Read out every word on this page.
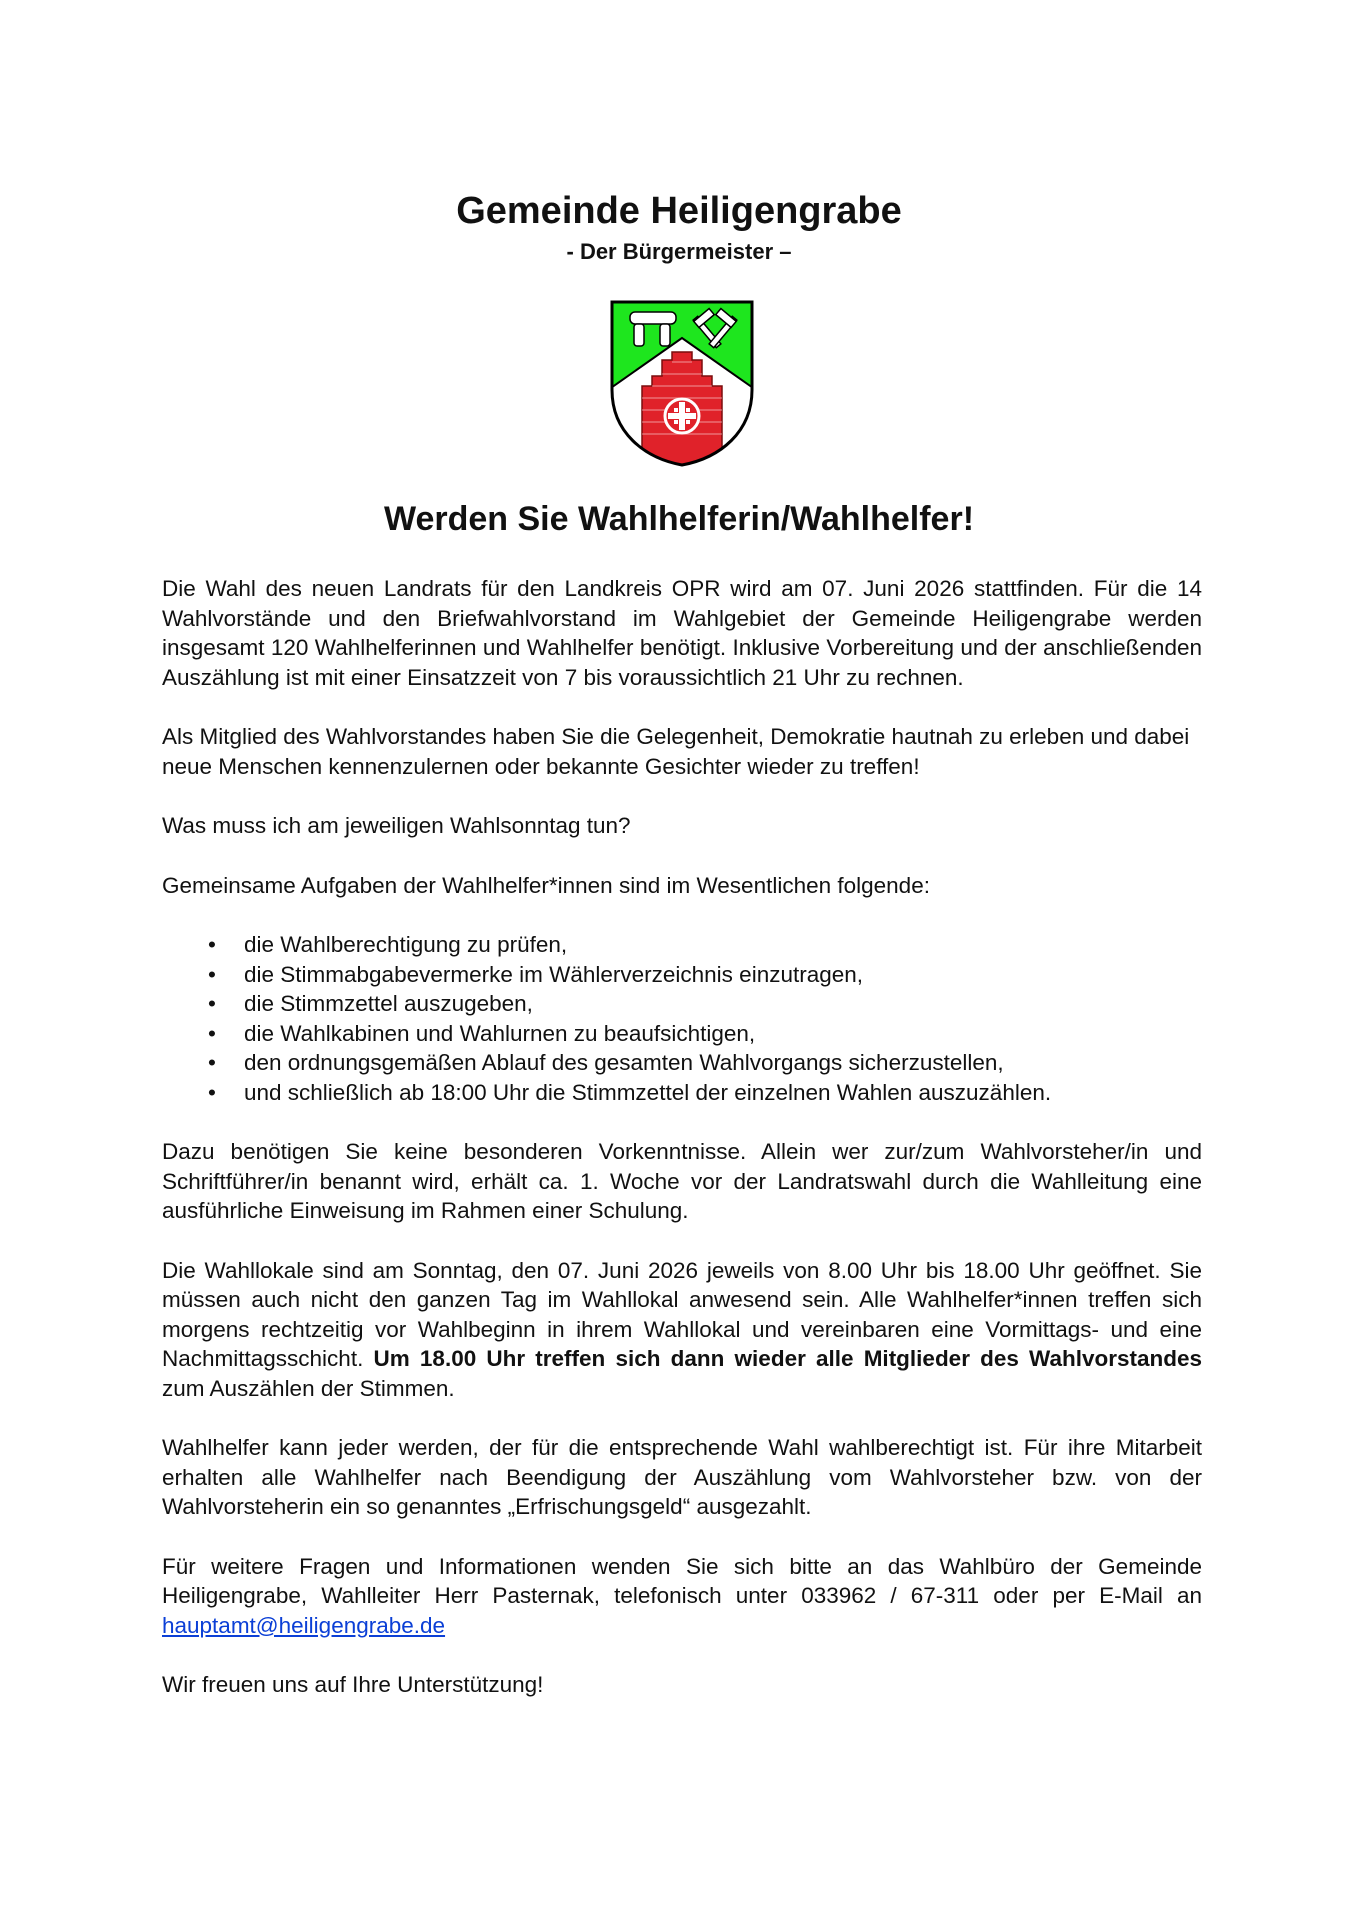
Gemeinde Heiligengrabe
- Der Bürgermeister –
Werden Sie Wahlhelferin/Wahlhelfer!

Die Wahl des neuen Landrats für den Landkreis OPR wird am 07. Juni 2026 stattfinden. Für die 14 Wahlvorstände und den Briefwahlvorstand im Wahlgebiet der Gemeinde Heiligengrabe werden insgesamt 120 Wahlhelferinnen und Wahlhelfer benötigt. Inklusive Vorbereitung und der anschließenden Auszählung ist mit einer Einsatzzeit von 7 bis voraussichtlich 21 Uhr zu rechnen.

Als Mitglied des Wahlvorstandes haben Sie die Gelegenheit, Demokratie hautnah zu erleben und dabei neue Menschen kennenzulernen oder bekannte Gesichter wieder zu treffen!

Was muss ich am jeweiligen Wahlsonntag tun?

Gemeinsame Aufgaben der Wahlhelfer*innen sind im Wesentlichen folgende:

• die Wahlberechtigung zu prüfen,
• die Stimmabgabevermerke im Wählerverzeichnis einzutragen,
• die Stimmzettel auszugeben,
• die Wahlkabinen und Wahlurnen zu beaufsichtigen,
• den ordnungsgemäßen Ablauf des gesamten Wahlvorgangs sicherzustellen,
• und schließlich ab 18:00 Uhr die Stimmzettel der einzelnen Wahlen auszuzählen.

Dazu benötigen Sie keine besonderen Vorkenntnisse. Allein wer zur/zum Wahlvorsteher/in und Schriftführer/in benannt wird, erhält ca. 1. Woche vor der Landratswahl durch die Wahlleitung eine ausführliche Einweisung im Rahmen einer Schulung.

Die Wahllokale sind am Sonntag, den 07. Juni 2026 jeweils von 8.00 Uhr bis 18.00 Uhr geöffnet. Sie müssen auch nicht den ganzen Tag im Wahllokal anwesend sein. Alle Wahlhelfer*innen treffen sich morgens rechtzeitig vor Wahlbeginn in ihrem Wahllokal und vereinbaren eine Vormittags- und eine Nachmittagsschicht. Um 18.00 Uhr treffen sich dann wieder alle Mitglieder des Wahlvorstandes zum Auszählen der Stimmen.

Wahlhelfer kann jeder werden, der für die entsprechende Wahl wahlberechtigt ist. Für ihre Mitarbeit erhalten alle Wahlhelfer nach Beendigung der Auszählung vom Wahlvorsteher bzw. von der Wahlvorsteherin ein so genanntes „Erfrischungsgeld“ ausgezahlt.

Für weitere Fragen und Informationen wenden Sie sich bitte an das Wahlbüro der Gemeinde Heiligengrabe, Wahlleiter Herr Pasternak, telefonisch unter 033962 / 67-311 oder per E-Mail an hauptamt@heiligengrabe.de

Wir freuen uns auf Ihre Unterstützung!
